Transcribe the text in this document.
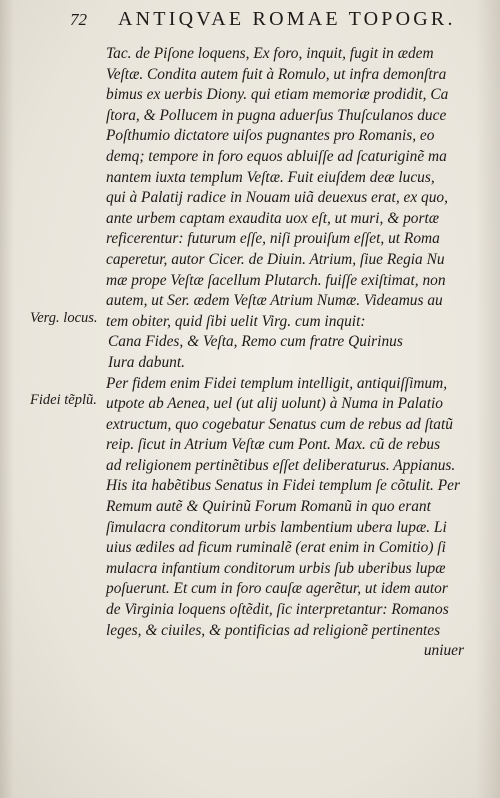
72 ANTIQVAE ROMAE TOPOGR.
Verg. locus.
Fidei tẽplũ.
Tac. de Piſone loquens, Ex foro, inquit, fugit in ædem
Veſtæ. Condita autem fuit à Romulo, ut infra demonſtra
bimus ex uerbis Diony. qui etiam memoriæ prodidit, Ca
ſtora, & Pollucem in pugna aduerſus Thuſculanos duce
Poſthumio dictatore uiſos pugnantes pro Romanis, eo
demq; tempore in foro equos abluiſſe ad ſcaturiginẽ ma
nantem iuxta templum Veſtæ. Fuit eiuſdem deæ lucus,
qui à Palatij radice in Nouam uiã deuexus erat, ex quo,
ante urbem captam exaudita uox eſt, ut muri, & portæ
reficerentur: futurum eſſe, niſi prouiſum eſſet, ut Roma
caperetur, autor Cicer. de Diuin. Atrium, ſiue Regia Nu
mæ prope Veſtæ ſacellum Plutarch. fuiſſe exiſtimat, non
autem, ut Ser. ædem Veſtæ Atrium Numæ. Videamus au
tem obiter, quid ſibi uelit Virg. cum inquit:
Cana Fides, & Veſta, Remo cum fratre Quirinus
Iura dabunt.
Per fidem enim Fidei templum intelligit, antiquiſſimum,
utpote ab Aenea, uel (ut alij uolunt) à Numa in Palatio
extructum, quo cogebatur Senatus cum de rebus ad ſtatũ
reip. ſicut in Atrium Veſtæ cum Pont. Max. cũ de rebus
ad religionem pertinẽtibus eſſet deliberaturus. Appianus.
His ita habẽtibus Senatus in Fidei templum ſe cõtulit. Per
Remum autẽ & Quirinũ Forum Romanũ in quo erant
ſimulacra conditorum urbis lambentium ubera lupæ. Li
uius ædiles ad ficum ruminalẽ (erat enim in Comitio) ſi
mulacra infantium conditorum urbis ſub uberibus lupæ
poſuerunt. Et cum in foro cauſæ agerẽtur, ut idem autor
de Virginia loquens oſtẽdit, ſic interpretantur: Romanos
leges, & ciuiles, & pontificias ad religionẽ pertinentes
uniuer
